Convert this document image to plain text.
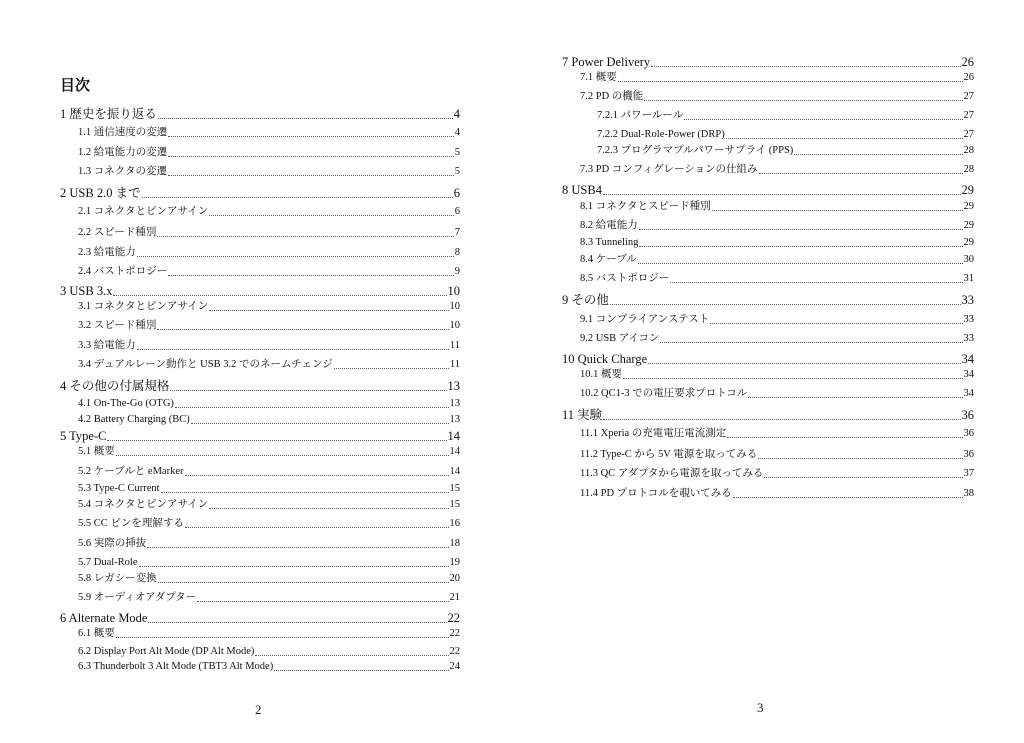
目次
1 歴史を振り返る	4
1.1 通信速度の変遷	4
1.2 給電能力の変遷	5
1.3 コネクタの変遷	5
2 USB 2.0 まで	6
2.1 コネクタとピンアサイン	6
2.2 スピード種別	7
2.3 給電能力	8
2.4 バストポロジー	9
3 USB 3.x	10
3.1 コネクタとピンアサイン	10
3.2 スピード種別	10
3.3 給電能力	11
3.4 デュアルレーン動作と USB 3.2 でのネームチェンジ	11
4 その他の付属規格	13
4.1 On-The-Go (OTG)	13
4.2 Battery Charging (BC)	13
5 Type-C	14
5.1 概要	14
5.2 ケーブルと eMarker	14
5.3 Type-C Current	15
5.4 コネクタとピンアサイン	15
5.5 CC ピンを理解する	16
5.6 実際の挿抜	18
5.7 Dual-Role	19
5.8 レガシー変換	20
5.9 オーディオアダプター	21
6 Alternate Mode	22
6.1 概要	22
6.2 Display Port Alt Mode (DP Alt Mode)	22
6.3 Thunderbolt 3 Alt Mode (TBT3 Alt Mode)	24
2
7 Power Delivery	26
7.1 概要	26
7.2 PD の機能	27
7.2.1 パワールール	27
7.2.2 Dual-Role-Power (DRP)	27
7.2.3 プログラマブルパワーサプライ (PPS)	28
7.3 PD コンフィグレーションの仕組み	28
8 USB4	29
8.1 コネクタとスピード種別	29
8.2 給電能力	29
8.3 Tunneling	29
8.4 ケーブル	30
8.5 バストポロジー	31
9 その他	33
9.1 コンプライアンステスト	33
9.2 USB アイコン	33
10 Quick Charge	34
10.1 概要	34
10.2 QC1-3 での電圧要求プロトコル	34
11 実験	36
11.1 Xperia の充電電圧電流測定	36
11.2 Type-C から 5V 電源を取ってみる	36
11.3 QC アダプタから電源を取ってみる	37
11.4 PD プロトコルを覗いてみる	38
3
